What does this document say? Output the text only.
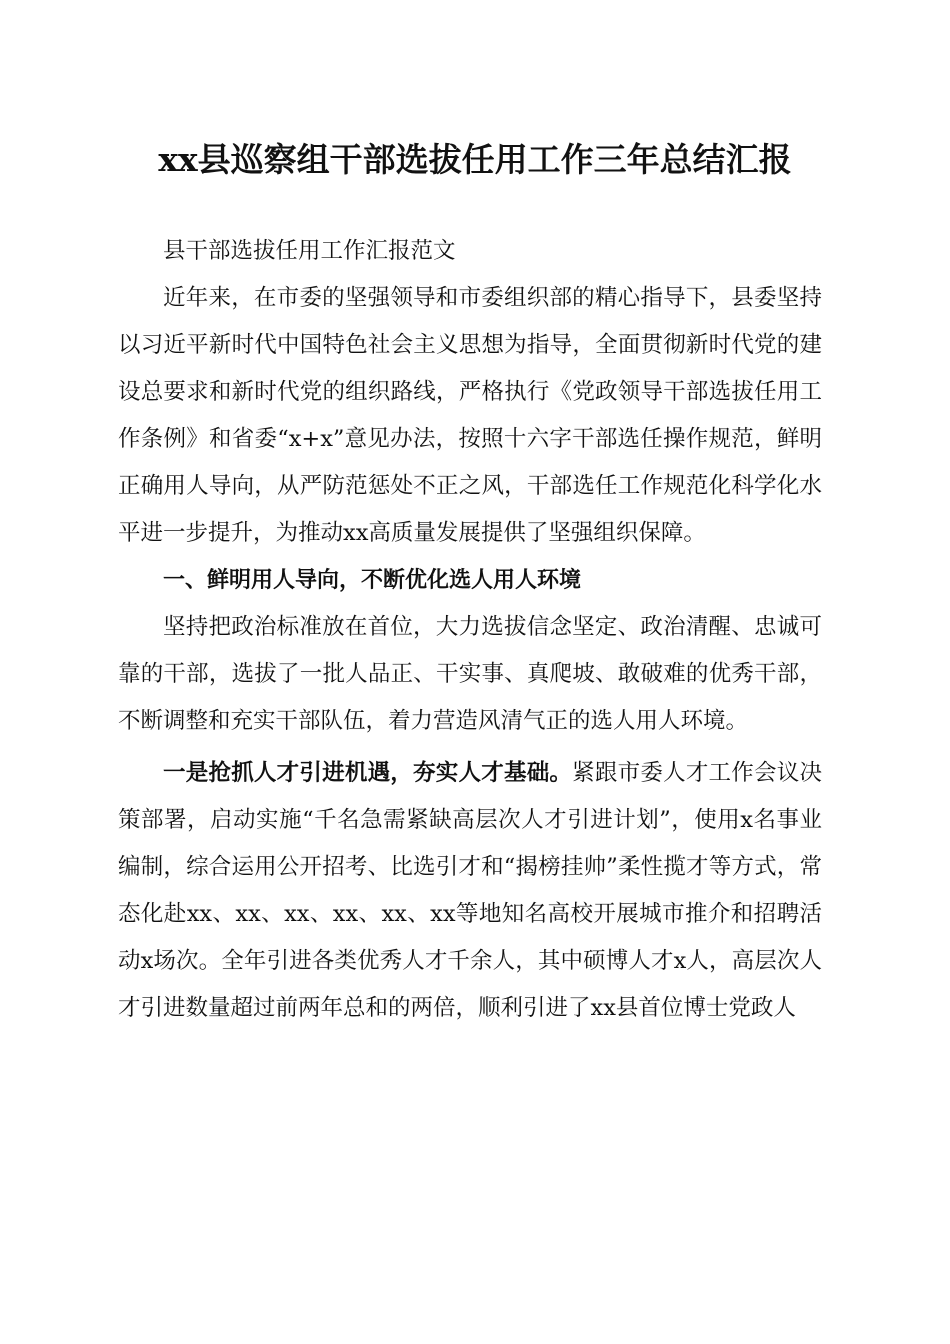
xx县巡察组干部选拔任用工作三年总结汇报

县干部选拔任用工作汇报范文

近年来，在市委的坚强领导和市委组织部的精心指导下，县委坚持以习近平新时代中国特色社会主义思想为指导，全面贯彻新时代党的建设总要求和新时代党的组织路线，严格执行《党政领导干部选拔任用工作条例》和省委“x+x”意见办法，按照十六字干部选任操作规范，鲜明正确用人导向，从严防范惩处不正之风，干部选任工作规范化科学化水平进一步提升，为推动xx高质量发展提供了坚强组织保障。

一、鲜明用人导向，不断优化选人用人环境

坚持把政治标准放在首位，大力选拔信念坚定、政治清醒、忠诚可靠的干部，选拔了一批人品正、干实事、真爬坡、敢破难的优秀干部，不断调整和充实干部队伍，着力营造风清气正的选人用人环境。

一是抢抓人才引进机遇，夯实人才基础。紧跟市委人才工作会议决策部署，启动实施“千名急需紧缺高层次人才引进计划”，使用x名事业编制，综合运用公开招考、比选引才和“揭榜挂帅”柔性揽才等方式，常态化赴xx、xx、xx、xx、xx、xx等地知名高校开展城市推介和招聘活动x场次。全年引进各类优秀人才千余人，其中硕博人才x人，高层次人才引进数量超过前两年总和的两倍，顺利引进了xx县首位博士党政人
